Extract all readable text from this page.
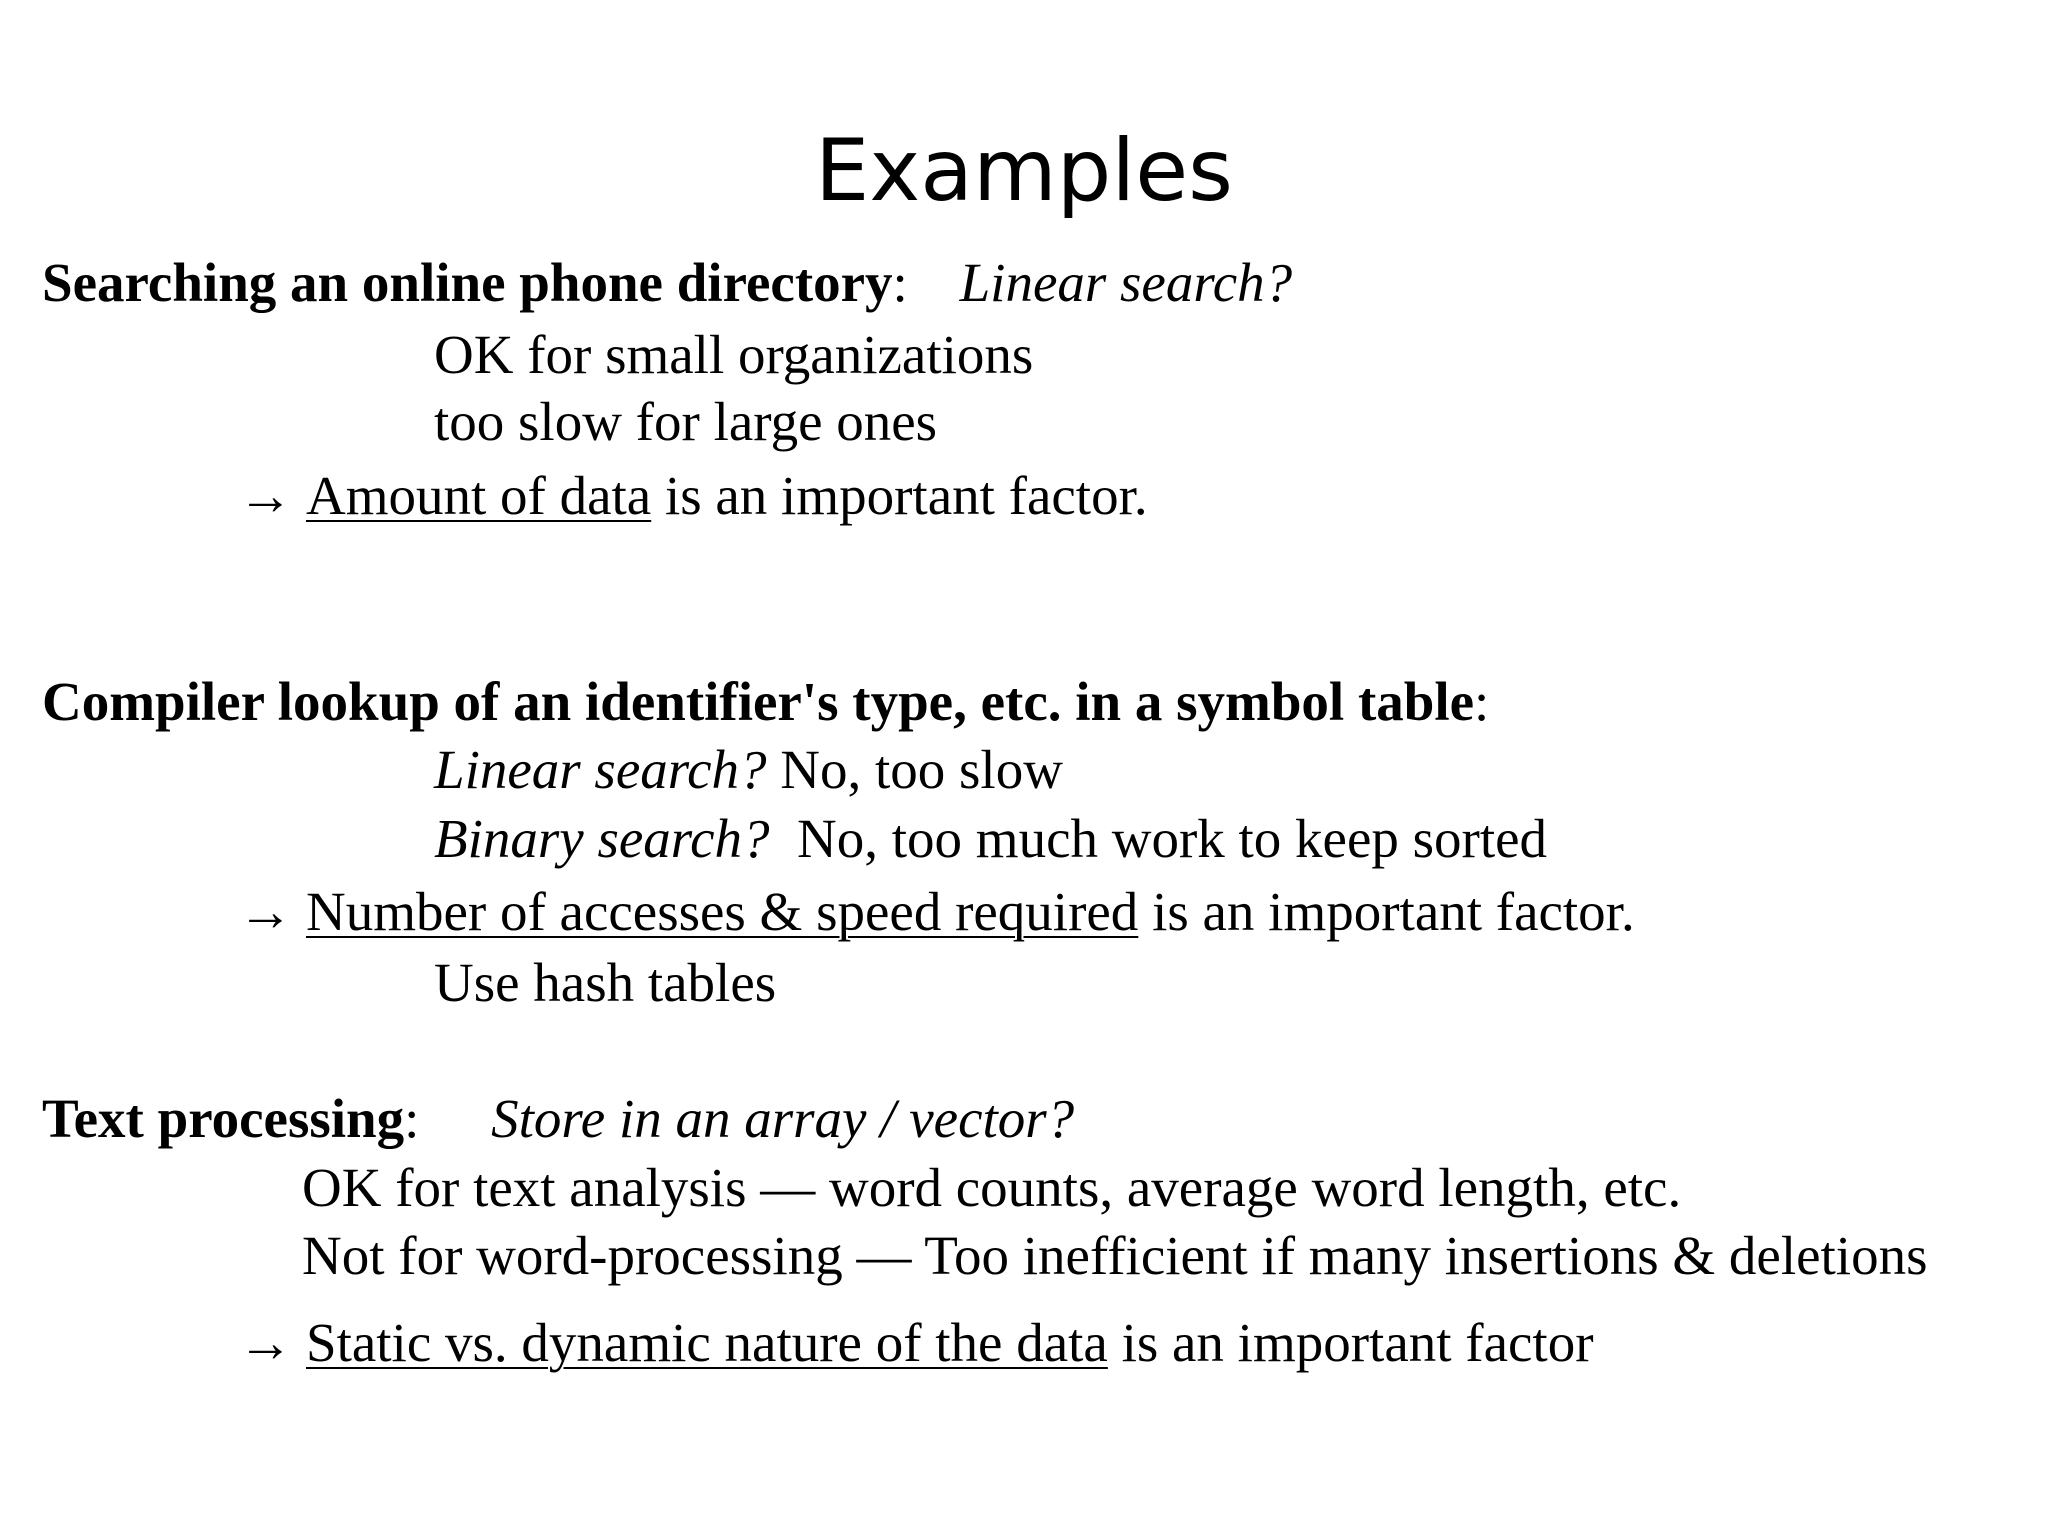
Examples
Searching an online phone directory: Linear search?
OK for small organizations
too slow for large ones
→ Amount of data is an important factor.
Compiler lookup of an identifier's type, etc. in a symbol table:
Linear search? No, too slow
Binary search?  No, too much work to keep sorted
→ Number of accesses & speed required is an important factor.
Use hash tables
Text processing: Store in an array / vector?
OK for text analysis — word counts, average word length, etc.
Not for word-processing — Too inefficient if many insertions & deletions
→ Static vs. dynamic nature of the data is an important factor
